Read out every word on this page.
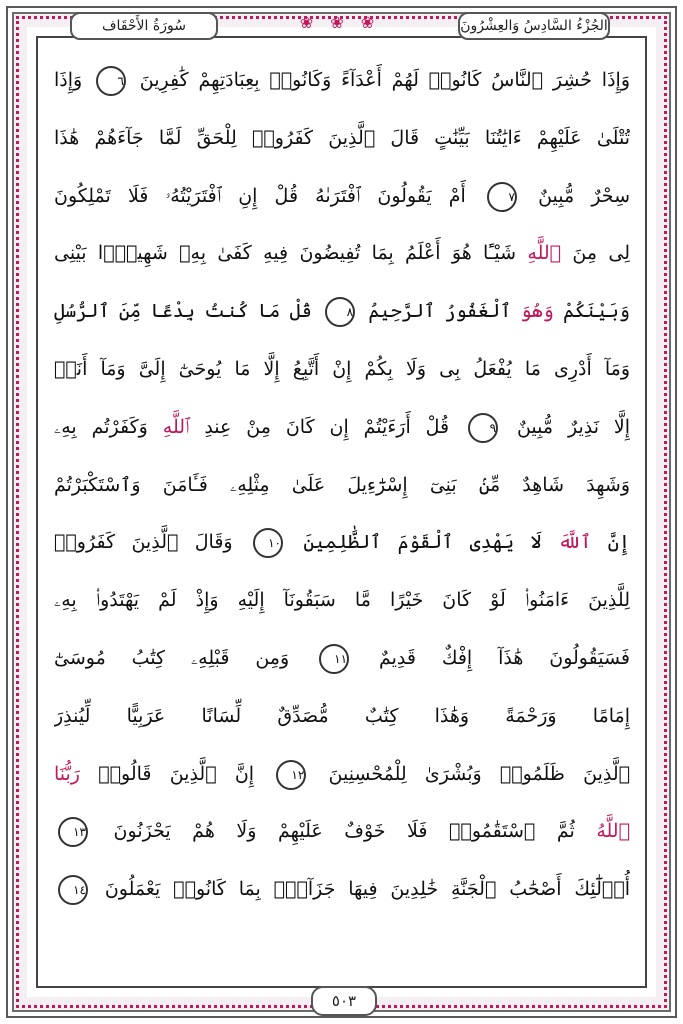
سُورَةُ الأَحْقَاف	❀ ❀ ❀	الجُزْءُ السَّادِسُ وَالعِشْرُونَ
وَإِذَا حُشِرَ ٱلنَّاسُ كَانُوا۟ لَهُمْ أَعْدَآءً وَكَانُوا۟ بِعِبَادَتِهِمْ كَٰفِرِينَ ٦ وَإِذَا
تُتْلَىٰ عَلَيْهِمْ ءَايَٰتُنَا بَيِّنَٰتٍ قَالَ ٱلَّذِينَ كَفَرُوا۟ لِلْحَقِّ لَمَّا جَآءَهُمْ هَٰذَا
سِحْرٌ مُّبِينٌ ٧ أَمْ يَقُولُونَ ٱفْتَرَىٰهُ قُلْ إِنِ ٱفْتَرَيْتُهُۥ فَلَا تَمْلِكُونَ
لِى مِنَ ٱللَّهِ شَيْـًٔا هُوَ أَعْلَمُ بِمَا تُفِيضُونَ فِيهِ كَفَىٰ بِهِۦ شَهِيدًۢا بَيْنِى
وَبَيْنَكُمْ وَهُوَ ٱلْغَفُورُ ٱلرَّحِيمُ ٨ قُلْ مَا كُنتُ بِدْعًا مِّنَ ٱلرُّسُلِ
وَمَآ أَدْرِى مَا يُفْعَلُ بِى وَلَا بِكُمْ إِنْ أَتَّبِعُ إِلَّا مَا يُوحَىٰٓ إِلَىَّ وَمَآ أَنَا۠
إِلَّا نَذِيرٌ مُّبِينٌ ٩ قُلْ أَرَءَيْتُمْ إِن كَانَ مِنْ عِندِ ٱللَّهِ وَكَفَرْتُم بِهِۦ
وَشَهِدَ شَاهِدٌ مِّنۢ بَنِىٓ إِسْرَٰٓءِيلَ عَلَىٰ مِثْلِهِۦ فَـَٔامَنَ وَٱسْتَكْبَرْتُمْ
إِنَّ ٱللَّهَ لَا يَهْدِى ٱلْقَوْمَ ٱلظَّٰلِمِينَ ١٠ وَقَالَ ٱلَّذِينَ كَفَرُوا۟
لِلَّذِينَ ءَامَنُوا۟ لَوْ كَانَ خَيْرًا مَّا سَبَقُونَآ إِلَيْهِ وَإِذْ لَمْ يَهْتَدُوا۟ بِهِۦ
فَسَيَقُولُونَ هَٰذَآ إِفْكٌ قَدِيمٌ ١١ وَمِن قَبْلِهِۦ كِتَٰبُ مُوسَىٰٓ
إِمَامًا وَرَحْمَةً وَهَٰذَا كِتَٰبٌ مُّصَدِّقٌ لِّسَانًا عَرَبِيًّا لِّيُنذِرَ
ٱلَّذِينَ ظَلَمُوا۟ وَبُشْرَىٰ لِلْمُحْسِنِينَ ١٢ إِنَّ ٱلَّذِينَ قَالُوا۟ رَبُّنَا
ٱللَّهُ ثُمَّ ٱسْتَقَٰمُوا۟ فَلَا خَوْفٌ عَلَيْهِمْ وَلَا هُمْ يَحْزَنُونَ ١٣
أُو۟لَٰٓئِكَ أَصْحَٰبُ ٱلْجَنَّةِ خَٰلِدِينَ فِيهَا جَزَآءًۢ بِمَا كَانُوا۟ يَعْمَلُونَ ١٤
٥٠٣
